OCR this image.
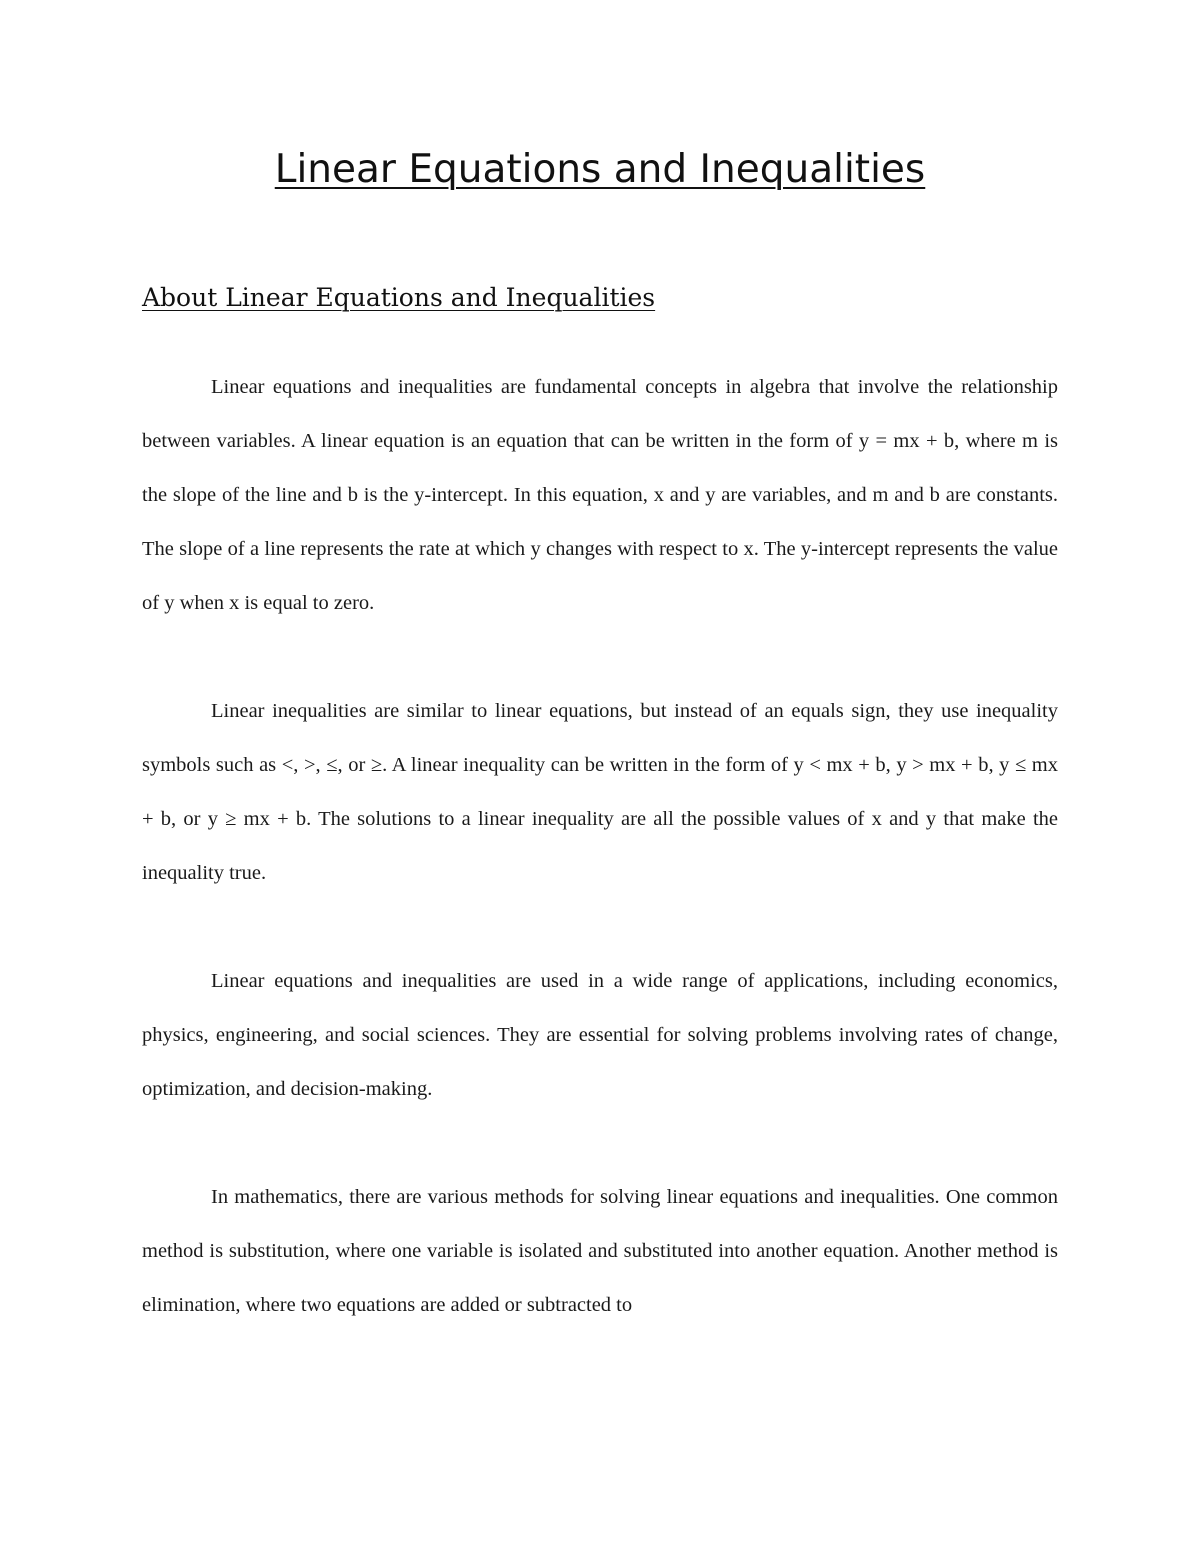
Linear Equations and Inequalities
About Linear Equations and Inequalities

Linear equations and inequalities are fundamental concepts in algebra that involve the relationship between variables. A linear equation is an equation that can be written in the form of y = mx + b, where m is the slope of the line and b is the y-intercept. In this equation, x and y are variables, and m and b are constants. The slope of a line represents the rate at which y changes with respect to x. The y-intercept represents the value of y when x is equal to zero.

Linear inequalities are similar to linear equations, but instead of an equals sign, they use inequality symbols such as <, >, ≤, or ≥. A linear inequality can be written in the form of y < mx + b, y > mx + b, y ≤ mx + b, or y ≥ mx + b. The solutions to a linear inequality are all the possible values of x and y that make the inequality true.

Linear equations and inequalities are used in a wide range of applications, including economics, physics, engineering, and social sciences. They are essential for solving problems involving rates of change, optimization, and decision-making.

In mathematics, there are various methods for solving linear equations and inequalities. One common method is substitution, where one variable is isolated and substituted into another equation. Another method is elimination, where two equations are added or subtracted to
